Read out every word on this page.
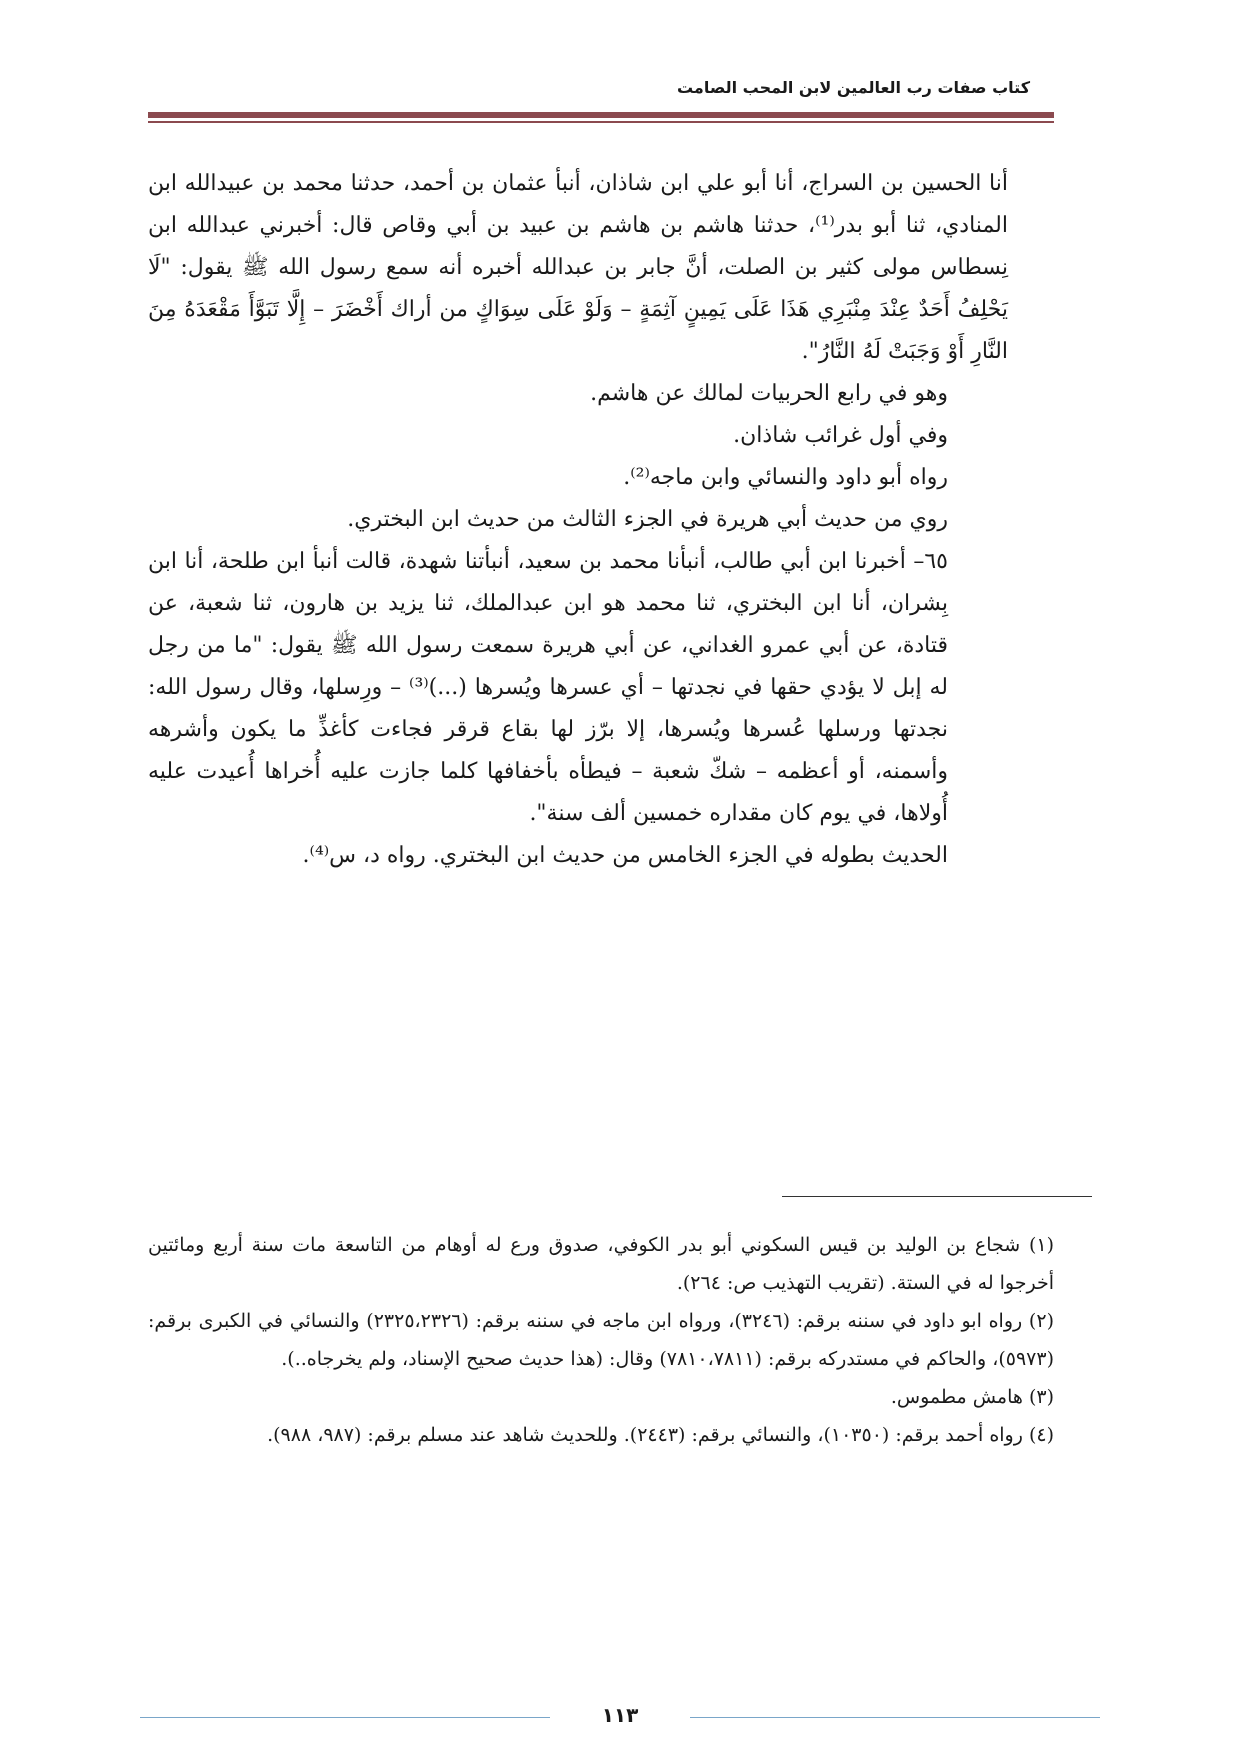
كتاب صفات رب العالمين لابن المحب الصامت

أنا الحسين بن السراج، أنا أبو علي ابن شاذان، أنبأ عثمان بن أحمد، حدثنا محمد بن عبيدالله ابن المنادي، ثنا أبو بدر⁽¹⁾، حدثنا هاشم بن هاشم بن عبيد بن أبي وقاص قال: أخبرني عبدالله ابن نِسطاس مولى كثير بن الصلت، أنَّ جابر بن عبدالله أخبره أنه سمع رسول الله ﷺ يقول: "لَا يَحْلِفُ أَحَدٌ عِنْدَ مِنْبَرِي هَذَا عَلَى يَمِينٍ آثِمَةٍ – وَلَوْ عَلَى سِوَاكٍ من أراك أَخْضَرَ – إِلَّا تَبَوَّأَ مَقْعَدَهُ مِنَ النَّارِ أَوْ وَجَبَتْ لَهُ النَّارُ".

وهو في رابع الحربيات لمالك عن هاشم.

وفي أول غرائب شاذان.

رواه أبو داود والنسائي وابن ماجه⁽²⁾.

روي من حديث أبي هريرة في الجزء الثالث من حديث ابن البختري.

٦٥– أخبرنا ابن أبي طالب، أنبأنا محمد بن سعيد، أنبأتنا شهدة، قالت أنبأ ابن طلحة، أنا ابن بِشران، أنا ابن البختري، ثنا محمد هو ابن عبدالملك، ثنا يزيد بن هارون، ثنا شعبة، عن قتادة، عن أبي عمرو الغداني، عن أبي هريرة سمعت رسول الله ﷺ يقول: "ما من رجل له إبل لا يؤدي حقها في نجدتها – أي عسرها ويُسرها (...)⁽³⁾ – ورِسلها، وقال رسول الله: نجدتها ورسلها عُسرها ويُسرها، إلا برّز لها بقاع قرقر فجاءت كأغذِّ ما يكون وأشرهه وأسمنه، أو أعظمه – شكّ شعبة – فيطأه بأخفافها كلما جازت عليه أُخراها أُعيدت عليه أُولاها، في يوم كان مقداره خمسين ألف سنة".

الحديث بطوله في الجزء الخامس من حديث ابن البختري. رواه د، س⁽⁴⁾.

(١) شجاع بن الوليد بن قيس السكوني أبو بدر الكوفي، صدوق ورع له أوهام من التاسعة مات سنة أربع ومائتين أخرجوا له في الستة. (تقريب التهذيب ص: ٢٦٤).

(٢) رواه ابو داود في سننه برقم: (٣٢٤٦)، ورواه ابن ماجه في سننه برقم: (٢٣٢٥،٢٣٢٦) والنسائي في الكبرى برقم: (٥٩٧٣)، والحاكم في مستدركه برقم: (٧٨١٠،٧٨١١) وقال: (هذا حديث صحيح الإسناد، ولم يخرجاه..).

(٣) هامش مطموس.

(٤) رواه أحمد برقم: (١٠٣٥٠)، والنسائي برقم: (٢٤٤٣). وللحديث شاهد عند مسلم برقم: (٩٨٧، ٩٨٨).

١١٣
